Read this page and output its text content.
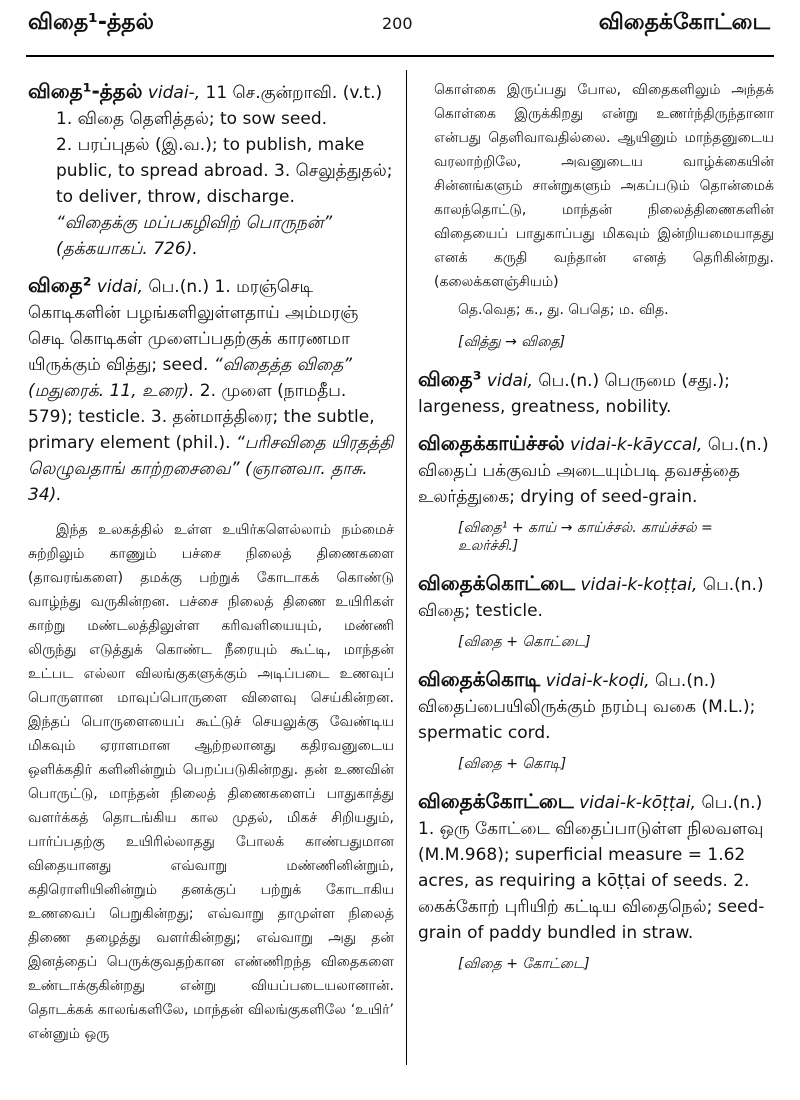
விதை¹-த்தல்	200	விதைக்கோட்டை
விதை¹-த்தல் vidai-, 11 செ.குன்றாவி. (v.t.)
1. விதை தெளித்தல்; to sow seed.
2. பரப்புதல் (இ.வ.); to publish, make
public, to spread abroad. 3. செலுத்துதல்;
to deliver, throw, discharge.
“விதைக்கு மப்பகழிவிற் பொருநன்” (தக்கயாகப். 726).
விதை² vidai, பெ.(n.) 1. மரஞ்செடி கொடிகளின் பழங்களிலுள்ளதாய் அம்மரஞ் செடி கொடிகள் முளைப்பதற்குக் காரணமா யிருக்கும் வித்து; seed. “விதைத்த விதை” (மதுரைக். 11, உரை). 2. முளை (நாமதீப. 579); testicle. 3. தன்மாத்திரை; the subtle, primary element (phil.). “பரிசவிதை யிரதத்தி லெழுவதாங் காற்றசைவை” (ஞானவா. தாசு. 34).
இந்த உலகத்தில் உள்ள உயிர்களெல்லாம் நம்மைச் சுற்றிலும் காணும் பச்சை நிலைத் திணைகளை (தாவரங்களை) தமக்கு பற்றுக் கோடாகக் கொண்டு வாழ்ந்து வருகின்றன. பச்சை நிலைத் திணை உயிரிகள் காற்று மண்டலத்திலுள்ள கரிவளியையும், மண்ணி லிருந்து எடுத்துக் கொண்ட நீரையும் கூட்டி, மாந்தன் உட்பட எல்லா விலங்குகளுக்கும் அடிப்படை உணவுப் பொருளான மாவுப்பொருளை விளைவு செய்கின்றன. இந்தப் பொருளையைப் கூட்டுச் செயலுக்கு வேண்டிய மிகவும் ஏராளமான ஆற்றலானது கதிரவனுடைய ஒளிக்கதிர் களினின்றும் பெறப்படுகின்றது. தன் உணவின் பொருட்டு, மாந்தன் நிலைத் திணைகளைப் பாதுகாத்து வளர்க்கத் தொடங்கிய கால முதல், மிகச் சிறியதும், பார்ப்பதற்கு உயிரில்லாதது போலக் காண்பதுமான விதையானது எவ்வாறு மண்ணினின்றும், கதிரொளியினின்றும் தனக்குப் பற்றுக் கோடாகிய உணவைப் பெறுகின்றது; எவ்வாறு தாமுள்ள நிலைத் திணை தழைத்து வளர்கின்றது; எவ்வாறு அது தன் இனத்தைப் பெருக்குவதற்கான எண்ணிறந்த விதைகளை உண்டாக்குகின்றது என்று வியப்படையலானான். தொடக்கக் காலங்களிலே, மாந்தன் விலங்குகளிலே ‘உயிர்’ என்னும் ஒரு
கொள்கை இருப்பது போல, விதைகளிலும் அந்தக் கொள்கை இருக்கிறது என்று உணர்ந்திருந்தானா என்பது தெளிவாவதில்லை. ஆயினும் மாந்தனுடைய வரலாற்றிலே, அவனுடைய வாழ்க்கையின் சின்னங்களும் சான்றுகளும் அகப்படும் தொன்மைக் காலந்தொட்டு, மாந்தன் நிலைத்திணைகளின் விதையைப் பாதுகாப்பது மிகவும் இன்றியமையாதது எனக் கருதி வந்தான் எனத் தெரிகின்றது. (கலைக்களஞ்சியம்)
தெ.வெத; க., து. பெதெ; ம. வித.
[வித்து → விதை]
விதை³ vidai, பெ.(n.) பெருமை (சது.); largeness, greatness, nobility.
விதைக்காய்ச்சல் vidai-k-kāyccal, பெ.(n.) விதைப் பக்குவம் அடையும்படி தவசத்தை உலர்த்துகை; drying of seed-grain.
[விதை¹ + காய் → காய்ச்சல். காய்ச்சல் = உலர்ச்சி.]
விதைக்கொட்டை vidai-k-koṭṭai, பெ.(n.) விதை; testicle.
[விதை + கொட்டை]
விதைக்கொடி vidai-k-koḍi, பெ.(n.) விதைப்பையிலிருக்கும் நரம்பு வகை (M.L.); spermatic cord.
[விதை + கொடி]
விதைக்கோட்டை vidai-k-kōṭṭai, பெ.(n.) 1. ஒரு கோட்டை விதைப்பாடுள்ள நிலவளவு (M.M.968); superficial measure = 1.62 acres, as requiring a kōṭṭai of seeds. 2. கைக்கோற் புரியிற் கட்டிய விதைநெல்; seed-grain of paddy bundled in straw.
[விதை + கோட்டை]
